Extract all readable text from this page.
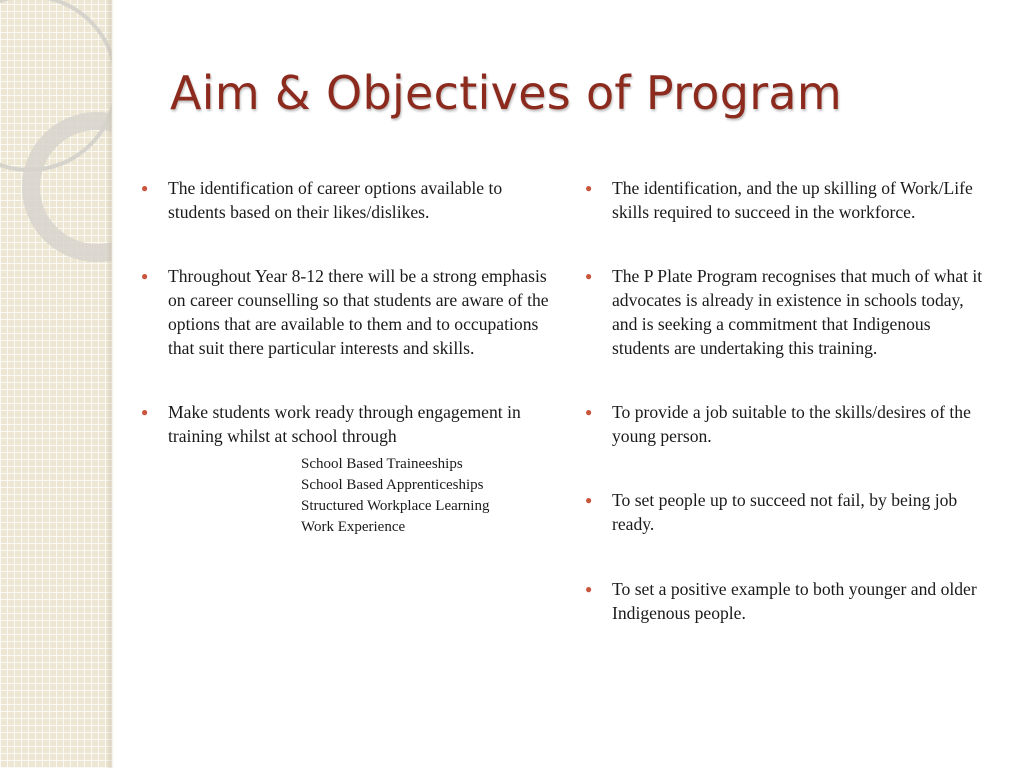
Aim & Objectives of Program
● The identification of career options available to students based on their likes/dislikes.
● Throughout Year 8-12 there will be a strong emphasis on career counselling so that students are aware of the options that are available to them and to occupations that suit there particular interests and skills.
● Make students work ready through engagement in training whilst at school through
School Based Traineeships
School Based Apprenticeships
Structured Workplace Learning
Work Experience
● The identification, and the up skilling of Work/Life skills required to succeed in the workforce.
● The P Plate Program recognises that much of what it advocates is already in existence in schools today, and is seeking a commitment that Indigenous students are undertaking this training.
● To provide a job suitable to the skills/desires of the young person.
● To set people up to succeed not fail, by being job ready.
● To set a positive example to both younger and older Indigenous people.
